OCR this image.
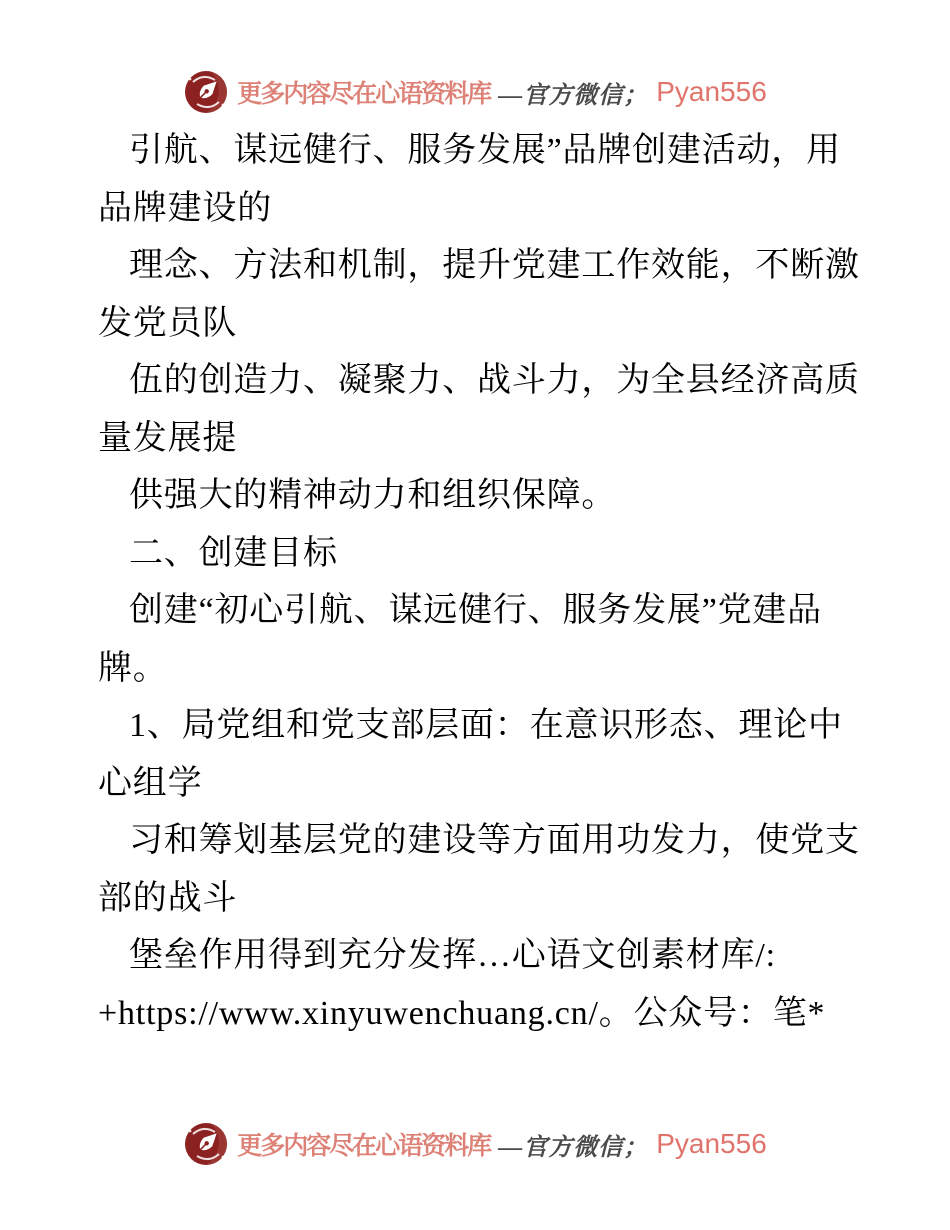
更多内容尽在心语资料库 —官方微信； Pyan556
引航、谋远健行、服务发展”品牌创建活动，用
品牌建设的
理念、方法和机制，提升党建工作效能，不断激
发党员队
伍的创造力、凝聚力、战斗力，为全县经济高质
量发展提
供强大的精神动力和组织保障。
二、创建目标
创建“初心引航、谋远健行、服务发展”党建品
牌。
1、局党组和党支部层面：在意识形态、理论中
心组学
习和筹划基层党的建设等方面用功发力，使党支
部的战斗
堡垒作用得到充分发挥…心语文创素材库/:
+https://www.xinyuwenchuang.cn/。公众号：笔*
更多内容尽在心语资料库 —官方微信； Pyan556
